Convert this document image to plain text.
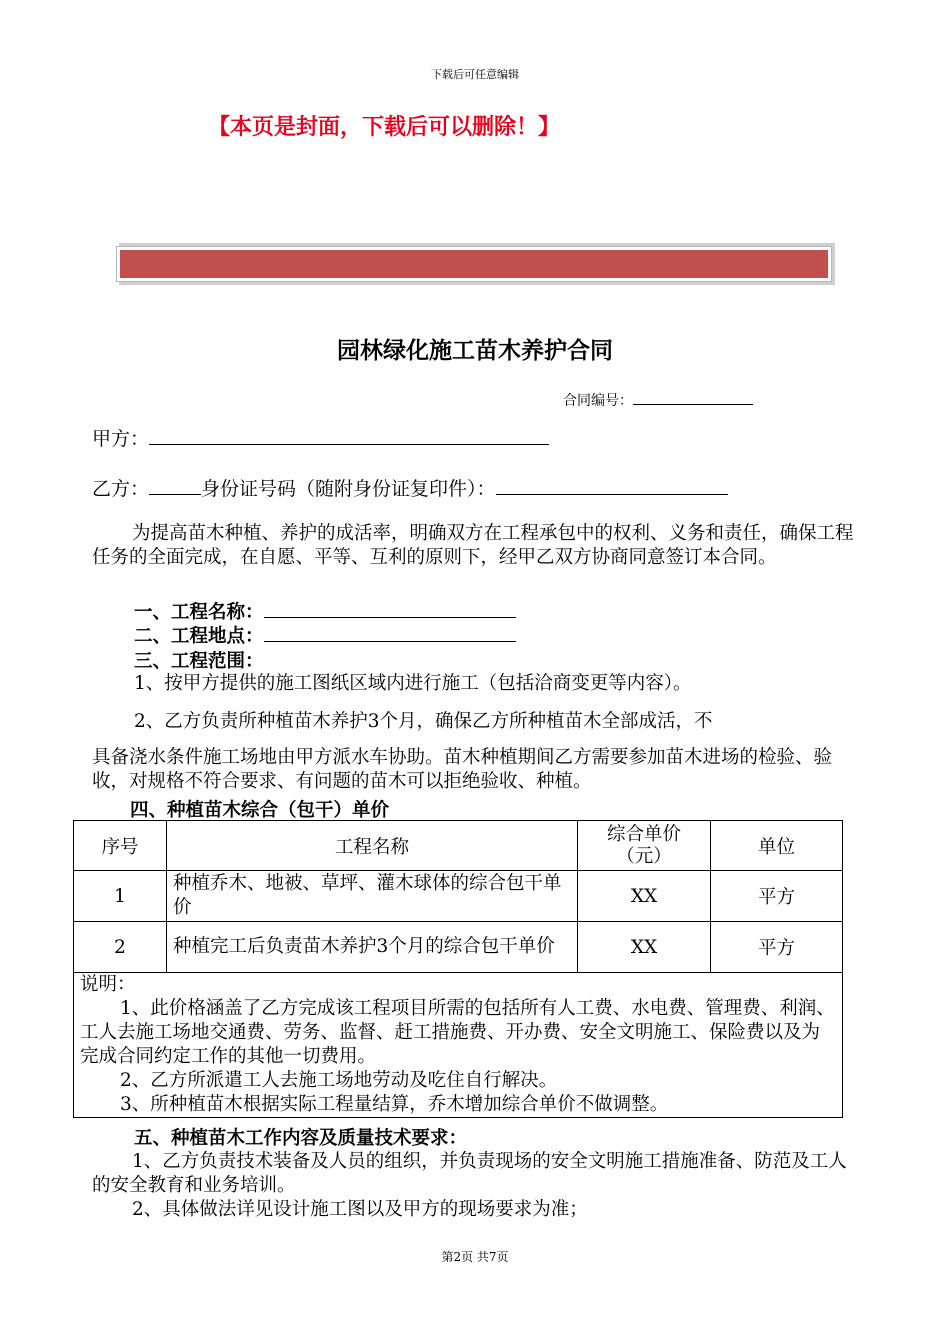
下载后可任意编辑
【本页是封面，下载后可以删除！】
园林绿化施工苗木养护合同
合同编号：
甲方：
乙方：	身份证号码（随附身份证复印件）：
为提高苗木种植、养护的成活率，明确双方在工程承包中的权利、义务和责任，确保工程任务的全面完成，在自愿、平等、互利的原则下，经甲乙双方协商同意签订本合同。
一、工程名称：
二、工程地点：
三、工程范围：
1、按甲方提供的施工图纸区域内进行施工（包括洽商变更等内容）。
2、乙方负责所种植苗木养护3个月，确保乙方所种植苗木全部成活，不
具备浇水条件施工场地由甲方派水车协助。苗木种植期间乙方需要参加苗木进场的检验、验收，对规格不符合要求、有问题的苗木可以拒绝验收、种植。
四、种植苗木综合（包干）单价
序号	工程名称	综合单价（元）	单位
1	种植乔木、地被、草坪、灌木球体的综合包干单价	XX	平方
2	种植完工后负责苗木养护3个月的综合包干单价	XX	平方

说明：
1、此价格涵盖了乙方完成该工程项目所需的包括所有人工费、水电费、管理费、利润、工人去施工场地交通费、劳务、监督、赶工措施费、开办费、安全文明施工、保险费以及为完成合同约定工作的其他一切费用。
2、乙方所派遣工人去施工场地劳动及吃住自行解决。
3、所种植苗木根据实际工程量结算，乔木增加综合单价不做调整。			
五、种植苗木工作内容及质量技术要求：
1、乙方负责技术装备及人员的组织，并负责现场的安全文明施工措施准备、防范及工人的安全教育和业务培训。
2、具体做法详见设计施工图以及甲方的现场要求为准；
第2页 共7页
